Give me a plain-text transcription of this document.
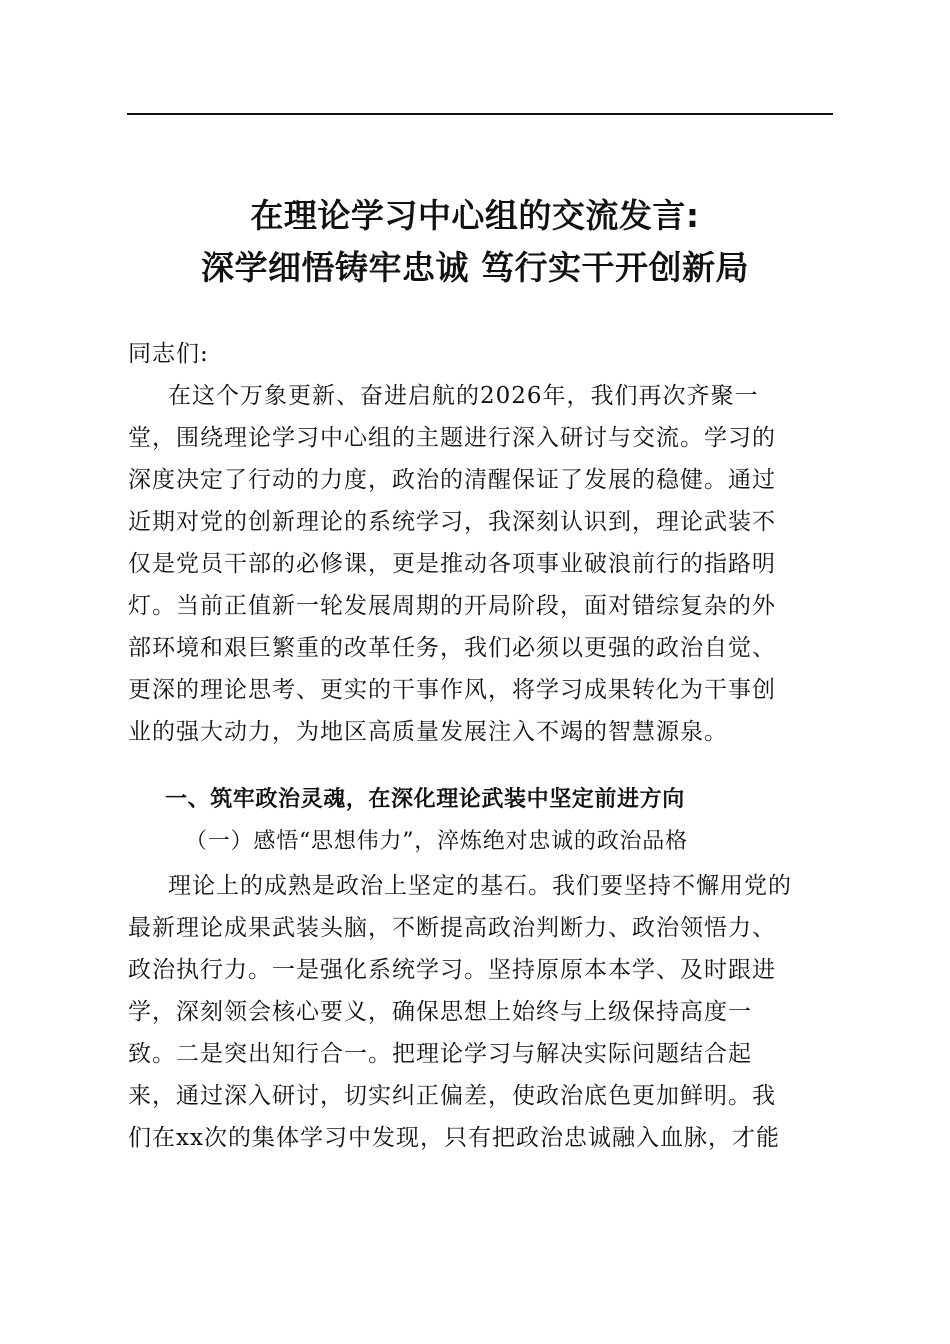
在理论学习中心组的交流发言:
深学细悟铸牢忠诚 笃行实干开创新局
同志们:
在这个万象更新、奋进启航的2026年，我们再次齐聚一
堂，围绕理论学习中心组的主题进行深入研讨与交流。学习的
深度决定了行动的力度，政治的清醒保证了发展的稳健。通过
近期对党的创新理论的系统学习，我深刻认识到，理论武装不
仅是党员干部的必修课，更是推动各项事业破浪前行的指路明
灯。当前正值新一轮发展周期的开局阶段，面对错综复杂的外
部环境和艰巨繁重的改革任务，我们必须以更强的政治自觉、
更深的理论思考、更实的干事作风，将学习成果转化为干事创
业的强大动力，为地区高质量发展注入不竭的智慧源泉。
一、筑牢政治灵魂，在深化理论武装中坚定前进方向
（一）感悟“思想伟力”，淬炼绝对忠诚的政治品格
理论上的成熟是政治上坚定的基石。我们要坚持不懈用党的
最新理论成果武装头脑，不断提高政治判断力、政治领悟力、
政治执行力。一是强化系统学习。坚持原原本本学、及时跟进
学，深刻领会核心要义，确保思想上始终与上级保持高度一
致。二是突出知行合一。把理论学习与解决实际问题结合起
来，通过深入研讨，切实纠正偏差，使政治底色更加鲜明。我
们在xx次的集体学习中发现，只有把政治忠诚融入血脉，才能
